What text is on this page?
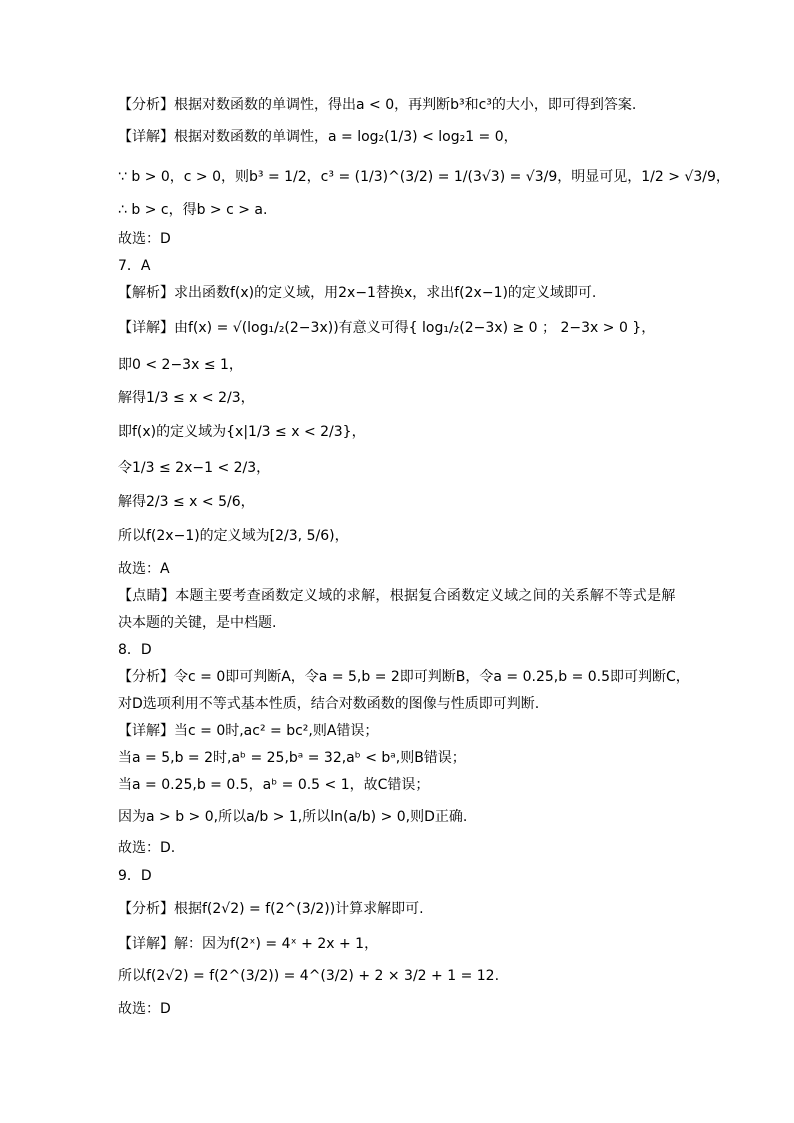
【分析】根据对数函数的单调性，得出a < 0，再判断b³和c³的大小，即可得到答案.
【详解】根据对数函数的单调性，a = log₂(1/3) < log₂1 = 0，
∵ b > 0，c > 0，则b³ = 1/2，c³ = (1/3)^(3/2) = 1/(3√3) = √3/9，明显可见，1/2 > √3/9，
∴ b > c，得b > c > a.
故选：D
7．A
【解析】求出函数f(x)的定义域，用2x−1替换x，求出f(2x−1)的定义域即可.
【详解】由f(x) = √(log₁/₂(2−3x))有意义可得{ log₁/₂(2−3x) ≥ 0 ； 2−3x > 0 }，
即0 < 2−3x ≤ 1，
解得1/3 ≤ x < 2/3，
即f(x)的定义域为{x|1/3 ≤ x < 2/3}，
令1/3 ≤ 2x−1 < 2/3，
解得2/3 ≤ x < 5/6，
所以f(2x−1)的定义域为[2/3, 5/6)，
故选：A
【点睛】本题主要考查函数定义域的求解，根据复合函数定义域之间的关系解不等式是解
决本题的关键，是中档题.
8．D
【分析】令c = 0即可判断A，令a = 5,b = 2即可判断B，令a = 0.25,b = 0.5即可判断C，
对D选项利用不等式基本性质，结合对数函数的图像与性质即可判断.
【详解】当c = 0时,ac² = bc²,则A错误；
当a = 5,b = 2时,aᵇ = 25,bᵃ = 32,aᵇ < bᵃ,则B错误；
当a = 0.25,b = 0.5，aᵇ = 0.5 < 1，故C错误；
因为a > b > 0,所以a/b > 1,所以ln(a/b) > 0,则D正确.
故选：D.
9．D
【分析】根据f(2√2) = f(2^(3/2))计算求解即可.
【详解】解：因为f(2ˣ) = 4ˣ + 2x + 1，
所以f(2√2) = f(2^(3/2)) = 4^(3/2) + 2 × 3/2 + 1 = 12.
故选：D
